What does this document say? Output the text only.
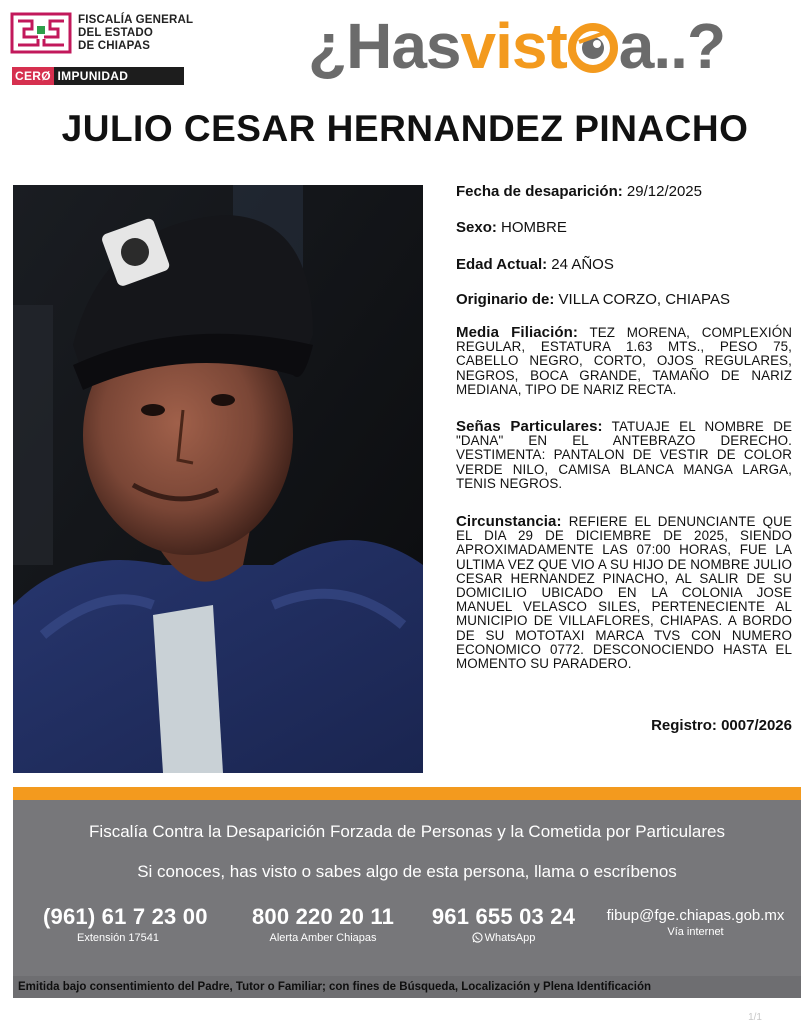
FISCALÍA GENERAL
DEL ESTADO
DE CHIAPAS
CERØ IMPUNIDAD	¿Hasvist a..?
JULIO CESAR HERNANDEZ PINACHO
Fecha de desaparición: 29/12/2025
Sexo: HOMBRE
Edad Actual: 24 AÑOS
Originario de: VILLA CORZO, CHIAPAS
Media Filiación: TEZ MORENA, COMPLEXIÓN REGULAR, ESTATURA 1.63 MTS., PESO 75, CABELLO NEGRO, CORTO, OJOS REGULARES, NEGROS, BOCA GRANDE, TAMAÑO DE NARIZ MEDIANA, TIPO DE NARIZ RECTA.
Señas Particulares: TATUAJE EL NOMBRE DE "DANA" EN EL ANTEBRAZO DERECHO. VESTIMENTA: PANTALON DE VESTIR DE COLOR VERDE NILO, CAMISA BLANCA MANGA LARGA, TENIS NEGROS.
Circunstancia: REFIERE EL DENUNCIANTE QUE EL DIA 29 DE DICIEMBRE DE 2025, SIENDO APROXIMADAMENTE LAS 07:00 HORAS, FUE LA ULTIMA VEZ QUE VIO A SU HIJO DE NOMBRE JULIO CESAR HERNANDEZ PINACHO, AL SALIR DE SU DOMICILIO UBICADO EN LA COLONIA JOSE MANUEL VELASCO SILES, PERTENECIENTE AL MUNICIPIO DE VILLAFLORES, CHIAPAS. A BORDO DE SU MOTOTAXI MARCA TVS CON NUMERO ECONOMICO 0772. DESCONOCIENDO HASTA EL MOMENTO SU PARADERO.
Registro: 0007/2026
Fiscalía Contra la Desaparición Forzada de Personas y la Cometida por Particulares
Si conoces, has visto o sabes algo de esta persona, llama o escríbenos
(961) 61 7 23 00
Extensión 17541
800 220 20 11
Alerta Amber Chiapas
961 655 03 24
WhatsApp
fibup@fge.chiapas.gob.mx
Vía internet
Emitida bajo consentimiento del Padre, Tutor o Familiar; con fines de Búsqueda, Localización y Plena Identificación
1/1
